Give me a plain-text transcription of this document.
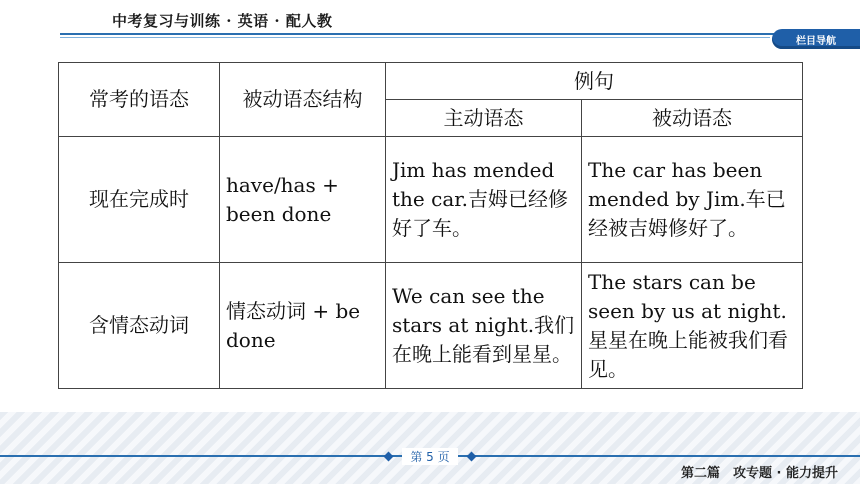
中考复习与训练 · 英语 · 配人教
栏目导航
常考的语态	被动语态结构	例句	
		主动语态	被动语态
现在完成时	have/has + been done	Jim has mended the car.吉姆已经修好了车。	The car has been mended by Jim.车已经被吉姆修好了。
含情态动词	情态动词 + be done	We can see the stars at night.我们在晚上能看到星星。	The stars can be seen by us at night.星星在晚上能被我们看见。
第 5 页
第二篇　攻专题 · 能力提升
